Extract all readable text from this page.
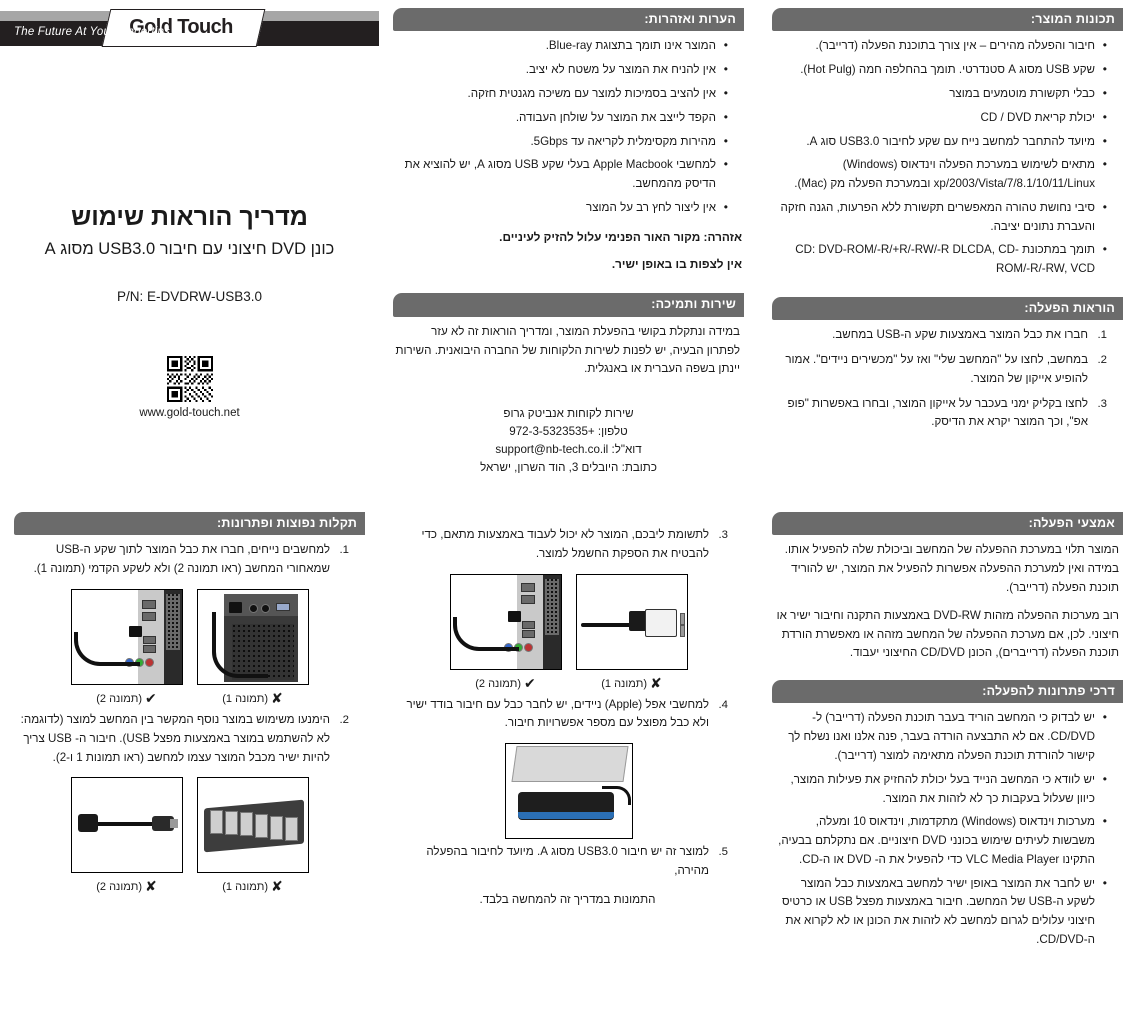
Gold Touch
The Future At Your Fingertips
מדריך הוראות שימוש
כונן DVD חיצוני עם חיבור USB3.0 מסוג A
P/N: E-DVDRW-USB3.0
www.gold-touch.net
הערות ואזהרות:
• המוצר אינו תומך בתצוגת Blue-ray.
• אין להניח את המוצר על משטח לא יציב.
• אין להציב בסמיכות למוצר עם משיכה מגנטית חזקה.
• הקפד לייצב את המוצר על שולחן העבודה.
• מהירות מקסימלית לקריאה עד 5Gbps.
• למחשבי Apple Macbook בעלי שקע USB מסוג A, יש להוציא את הדיסק מהמחשב.
• אין ליצור לחץ רב על המוצר
אזהרה: מקור האור הפנימי עלול להזיק לעיניים.
אין לצפות בו באופן ישיר.
שירות ותמיכה:

במידה ונתקלת בקושי בהפעלת המוצר, ומדריך הוראות זה לא עזר לפתרון הבעיה, יש לפנות לשירות הלקוחות של החברה היבואנית. השירות יינתן בשפה העברית או באנגלית.

שירות לקוחות אנביטק גרופ
טלפון: +972-3-5323535
דוא"ל: support@nb-tech.co.il
כתובת: היובלים 3, הוד השרון, ישראל
תכונות המוצר:
• חיבור והפעלה מהירים – אין צורך בתוכנת הפעלה (דרייבר).
• שקע USB מסוג A סטנדרטי. תומך בהחלפה חמה (Hot Pulg).
• כבלי תקשורת מוטמעים במוצר
• יכולת קריאת CD / DVD
• מיועד להתחבר למחשב נייח עם שקע לחיבור USB3.0 סוג A.
• מתאים לשימוש במערכת הפעלה וינדאוס (Windows) xp/2003/Vista/7/8.1/10/11/Linux ובמערכת הפעלה מק (Mac).
• סיבי נחושת טהורה המאפשרים תקשורת ללא הפרעות, הגנה חזקה והעברת נתונים יציבה.
• תומך במתכונת CD: DVD-ROM/-R/+R/-RW/-R DLCDA, CD-ROM/-R/-RW, VCD
הוראות הפעלה:
חברו את כבל המוצר באמצעות שקע ה-USB במחשב.
במחשב, לחצו על "המחשב שלי" ואז על "מכשירים ניידים". אמור להופיע אייקון של המוצר.
לחצו בקליק ימני בעכבר על אייקון המוצר, ובחרו באפשרות "פופ אפ", וכך המוצר יקרא את הדיסק.
תקלות נפוצות ופתרונות:
למחשבים נייחים, חברו את כבל המוצר לתוך שקע ה-USB שמאחורי המחשב (ראו תמונה 2) ולא לשקע הקדמי (תמונה 1).
✔(תמונה 2)	✘(תמונה 1)
הימנעו משימוש במוצר נוסף המקשר בין המחשב למוצר (לדוגמה: לא להשתמש במוצר באמצעות מפצל USB). חיבור ה- USB צריך להיות ישיר מכבל המוצר עצמו למחשב (ראו תמונות 1 ו-2).
✘(תמונה 2)	✘(תמונה 1)
לתשומת ליבכם, המוצר לא יכול לעבוד באמצעות מתאם, כדי להבטיח את הספקת החשמל למוצר.
✔(תמונה 2)	✘(תמונה 1)
למחשבי אפל (Apple) ניידים, יש לחבר כבל עם חיבור בודד ישיר ולא כבל מפוצל עם מספר אפשרויות חיבור.
למוצר זה יש חיבור USB3.0 מסוג A. מיועד לחיבור בהפעלה מהירה,

התמונות במדריך זה להמחשה בלבד.

אמצעי הפעלה:

המוצר תלוי במערכת ההפעלה של המחשב וביכולת שלה להפעיל אותו. במידה ואין למערכת ההפעלה אפשרות להפעיל את המוצר, יש להוריד תוכנת הפעלה (דרייבר).

רוב מערכות ההפעלה מזהות DVD-RW באמצעות התקנה וחיבור ישיר או חיצוני. לכן, אם מערכת ההפעלה של המחשב מזהה או מאפשרת הורדת תוכנת הפעלה (דרייברים), הכונן CD/DVD החיצוני יעבוד.

דרכי פתרונות להפעלה:
• יש לבדוק כי המחשב הוריד בעבר תוכנת הפעלה (דרייבר) ל-CD/DVD. אם לא התבצעה הורדה בעבר, פנה אלנו ואנו נשלח לך קישור להורדת תוכנת הפעלה מתאימה למוצר (דרייבר).
• יש לוודא כי המחשב הנייד בעל יכולת להחזיק את פעילות המוצר, כיוון שעלול בעקבות כך לא לזהות את המוצר.
• מערכות וינדאוס (Windows) מתקדמות, וינדאוס 10 ומעלה, משבשות לעיתים שימוש בכונני DVD חיצוניים. אם נתקלתם בבעיה, התקינו VLC Media Player כדי להפעיל את ה- DVD או ה-CD.
• יש לחבר את המוצר באופן ישיר למחשב באמצעות כבל המוצר לשקע ה-USB של המחשב. חיבור באמצעות מפצל USB או כרטיס חיצוני עלולים לגרום למחשב לא לזהות את הכונן או לא לקרוא את ה-CD/DVD.
